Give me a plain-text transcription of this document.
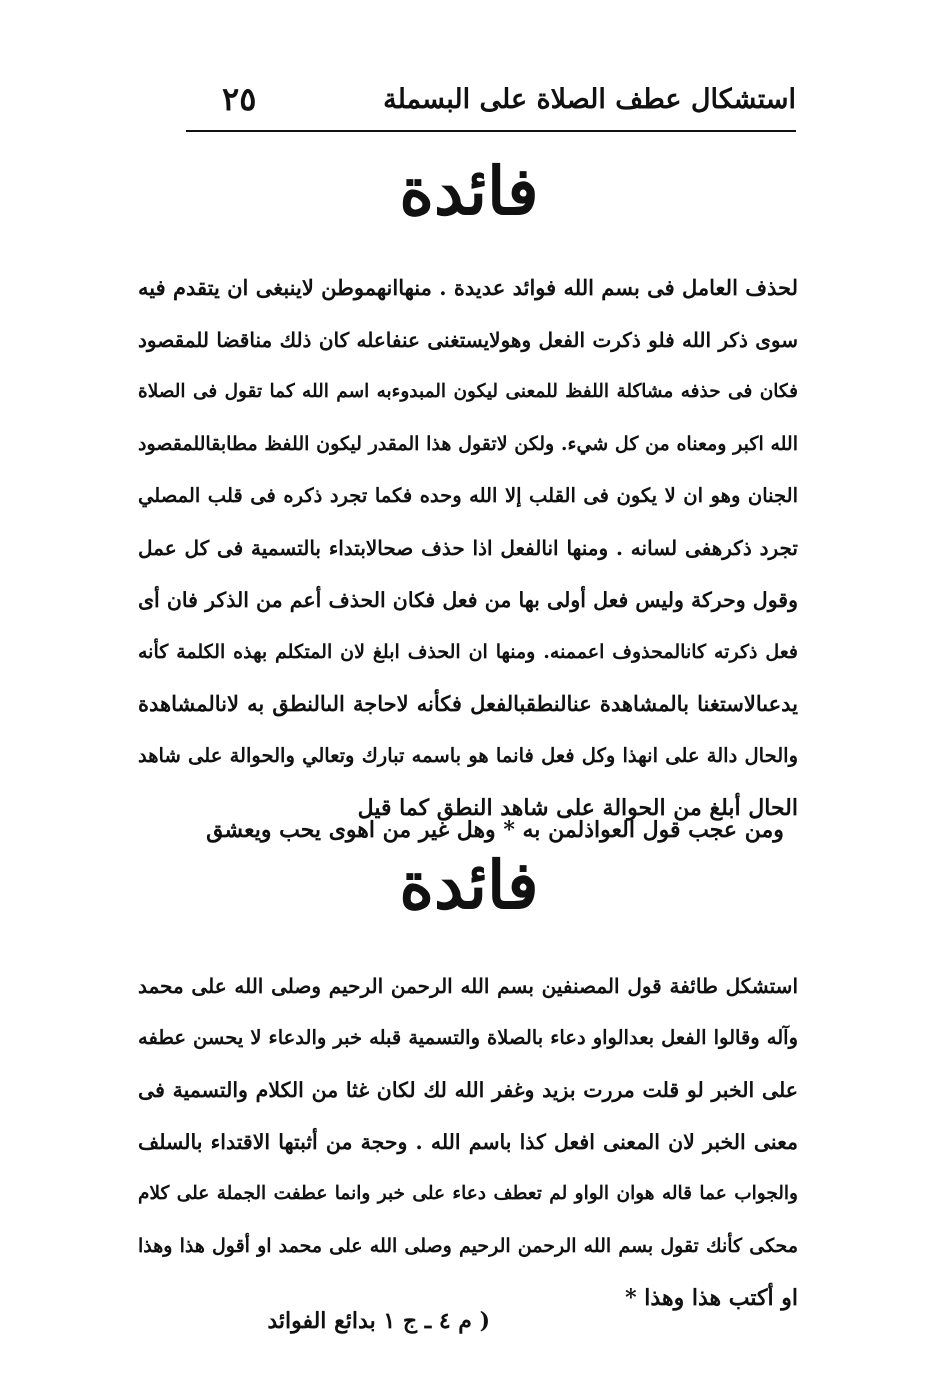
استشكال عطف الصلاة على البسملة
٢٥
فائدة
لحذف العامل فى بسم الله فوائد عديدة . منهاانهموطن لاينبغى ان يتقدم فيه
سوى ذكر الله فلو ذكرت الفعل وهولايستغنى عنفاعله كان ذلك مناقضا للمقصود
فكان فى حذفه مشاكلة اللفظ للمعنى ليكون المبدوءبه اسم الله كما تقول فى الصلاة
الله اكبر ومعناه من كل شيء. ولكن لاتقول هذا المقدر ليكون اللفظ مطابقاللمقصود
الجنان وهو ان لا يكون فى القلب إلا الله وحده فكما تجرد ذكره فى قلب المصلي
تجرد ذكرهفى لسانه . ومنها انالفعل اذا حذف صحالابتداء بالتسمية فى كل عمل
وقول وحركة وليس فعل أولى بها من فعل فكان الحذف أعم من الذكر فان أى
فعل ذكرته كانالمحذوف اعممنه. ومنها ان الحذف ابلغ لان المتكلم بهذه الكلمة كأنه
يدعىالاستغنا بالمشاهدة عنالنطقبالفعل فكأنه لاحاجة الىالنطق به لانالمشاهدة
والحال دالة على انهذا وكل فعل فانما هو باسمه تبارك وتعالي والحوالة على شاهد
الحال أبلغ من الحوالة على شاهد النطق كما قيل
ومن عجب قول العواذلمن به * وهل غير من اهوى يحب ويعشق
فائدة
استشكل طائفة قول المصنفين بسم الله الرحمن الرحيم وصلى الله على محمد
وآله وقالوا الفعل بعدالواو دعاء بالصلاة والتسمية قبله خبر والدعاء لا يحسن عطفه
على الخبر لو قلت مررت بزيد وغفر الله لك لكان غثا من الكلام والتسمية فى
معنى الخبر لان المعنى افعل كذا باسم الله . وحجة من أثبتها الاقتداء بالسلف
والجواب عما قاله هوان الواو لم تعطف دعاء على خبر وانما عطفت الجملة على كلام
محكى كأنك تقول بسم الله الرحمن الرحيم وصلى الله على محمد او أقول هذا وهذا
او أكتب هذا وهذا *
( م ٤ ـ ج ١ بدائع الفوائد
